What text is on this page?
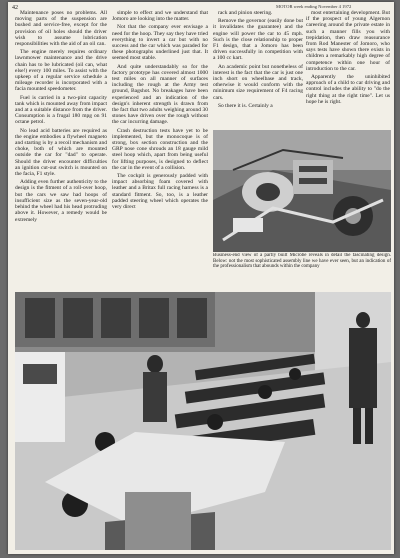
42	MOTOR week ending November 4 1972

Maintenance poses no problems. All moving parts of the suspension are bushed and service-free, except for the provision of oil holes should the driver wish to assume lubrication responsibilities with the aid of an oil can.

The engine merely requires ordinary lawnmower maintenance and the drive chain has to be lubricated (oil can, what else!) every 100 miles. To assist with the upkeep of a regular service schedule a mileage recorder is incorporated with a facia mounted speedometer.

Fuel is carried in a two-pint capacity tank which is mounted away from impact and at a suitable distance from the driver. Consumption is a frugal 180 mpg on 91 octane petrol.

No lead acid batteries are required as the engine embodies a flywheel magneto and starting is by a recoil mechanism and choke, both of which are mounted outside the car for "dad" to operate. Should the driver encounter difficulties an ignition cut-out switch is mounted on the facia, F1 style.

Adding even further authenticity to the design is the fitment of a roll-over hoop, but the cars we saw had hoops of insufficient size as the seven-year-old behind the wheel had his head protruding above it. However, a remedy would be extremely

simple to effect and we understand that Jomoro are looking into the matter.

Not that the company ever envisage a need for the hoop. They say they have tried everything to invert a car but with no success and the car which was paraded for these photographs underlined just that. It seemed most stable.

And quite understandably so for the factory prototype has covered almost 1000 test miles on all manner of surfaces including the rough at the Army test ground, Bagshot. No breakages have been experienced and an indication of the design's inherent strength is drawn from the fact that two adults weighing around 30 stones have driven over the rough without the car incurring damage.

Crash destruction tests have yet to be implemented, but the monocoque is of strong, box section construction and the GRP nose cone shrouds an 18 gauge mild steel hoop which, apart from being useful for lifting purposes, is designed to deflect the car in the event of a collision.

The cockpit is generously padded with impact absorbing foam covered with leather and a Britax full racing harness is a standard fitment. So, too, is a leather padded steering wheel which operates the very direct

rack and pinion steering.

Remove the governor (easily done but it invalidates the guarantee) and the engine will power the car to 45 mph. Such is the close relationship to proper F1 design, that a Jomoro has been driven successfully in competition with a 100 cc kart.

An academic point but nonetheless of interest is the fact that the car is just one inch short on wheelbase and track, otherwise it would conform with the minimum size requirement of F4 racing cars.

So there it is. Certainly a

most entertaining development. But if the prospect of young Algernon careering around the private estate in such a manner fills you with trepidation, then draw reassurance from Rod Manester of Jomoro, who says tests have shown there exists in children a remarkably high degree of competence within one hour of introduction to the car.

Apparently the uninhibited approach of a child to car driving and control includes the ability to "do the right thing at the right time". Let us hope he is right.

Business-end view of a partly built Microbe reveals in detail the fascinating design. Below: not the most sophisticated assembly line we have ever seen, but an indication of the professionalism that abounds within the company
